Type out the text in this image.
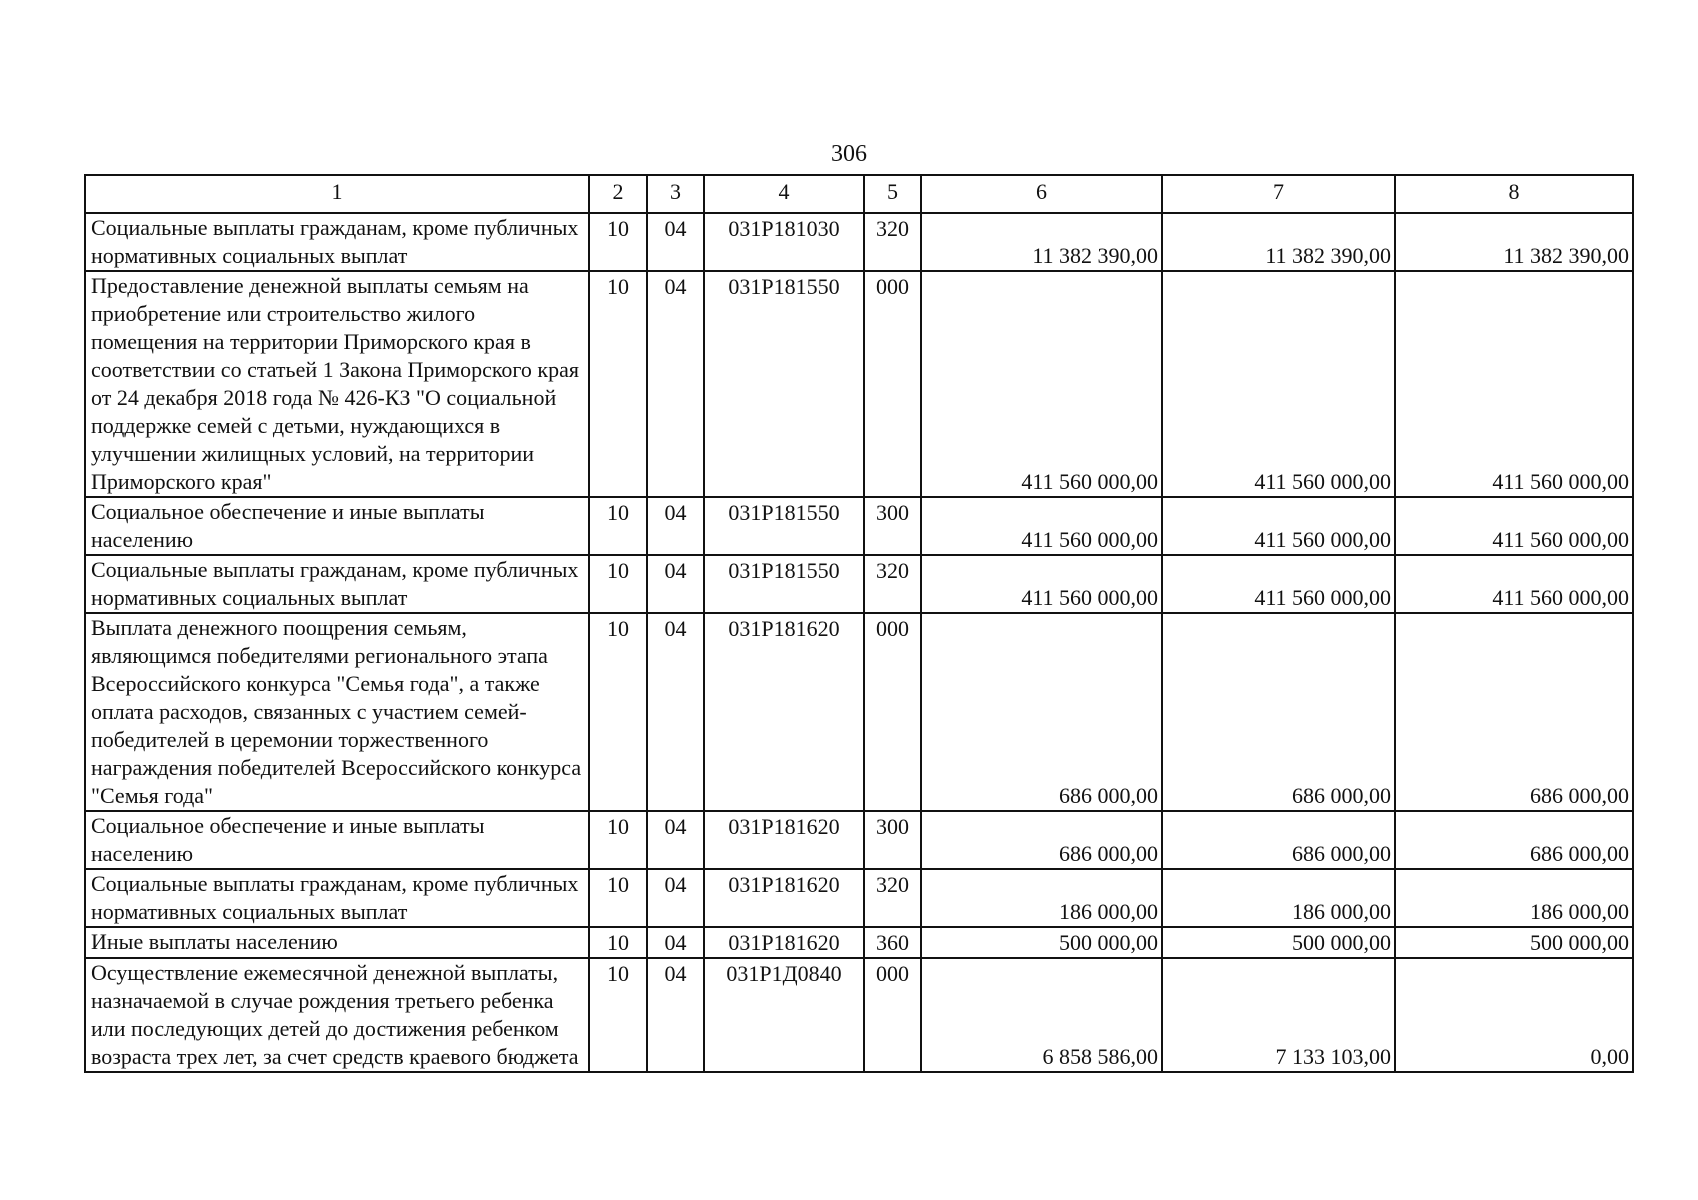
306
1	2	3	4	5	6	7	8
Социальные выплаты гражданам, кроме публичных нормативных социальных выплат	10	04	031P181030	320	11 382 390,00	11 382 390,00	11 382 390,00
Предоставление денежной выплаты семьям на приобретение или строительство жилого помещения на территории Приморского края в соответствии со статьей 1 Закона Приморского края от 24 декабря 2018 года № 426-КЗ "О социальной поддержке семей с детьми, нуждающихся в улучшении жилищных условий, на территории Приморского края"	10	04	031P181550	000	411 560 000,00	411 560 000,00	411 560 000,00
Социальное обеспечение и иные выплаты населению	10	04	031P181550	300	411 560 000,00	411 560 000,00	411 560 000,00
Социальные выплаты гражданам, кроме публичных нормативных социальных выплат	10	04	031P181550	320	411 560 000,00	411 560 000,00	411 560 000,00
Выплата денежного поощрения семьям, являющимся победителями регионального этапа Всероссийского конкурса "Семья года", а также оплата расходов, связанных с участием семей-победителей в церемонии торжественного награждения победителей Всероссийского конкурса "Семья года"	10	04	031P181620	000	686 000,00	686 000,00	686 000,00
Социальное обеспечение и иные выплаты населению	10	04	031P181620	300	686 000,00	686 000,00	686 000,00
Социальные выплаты гражданам, кроме публичных нормативных социальных выплат	10	04	031P181620	320	186 000,00	186 000,00	186 000,00
Иные выплаты населению	10	04	031P181620	360	500 000,00	500 000,00	500 000,00
Осуществление ежемесячной денежной выплаты, назначаемой в случае рождения третьего ребенка или последующих детей до достижения ребенком возраста трех лет, за счет средств краевого бюджета	10	04	031P1Д0840	000	6 858 586,00	7 133 103,00	0,00
